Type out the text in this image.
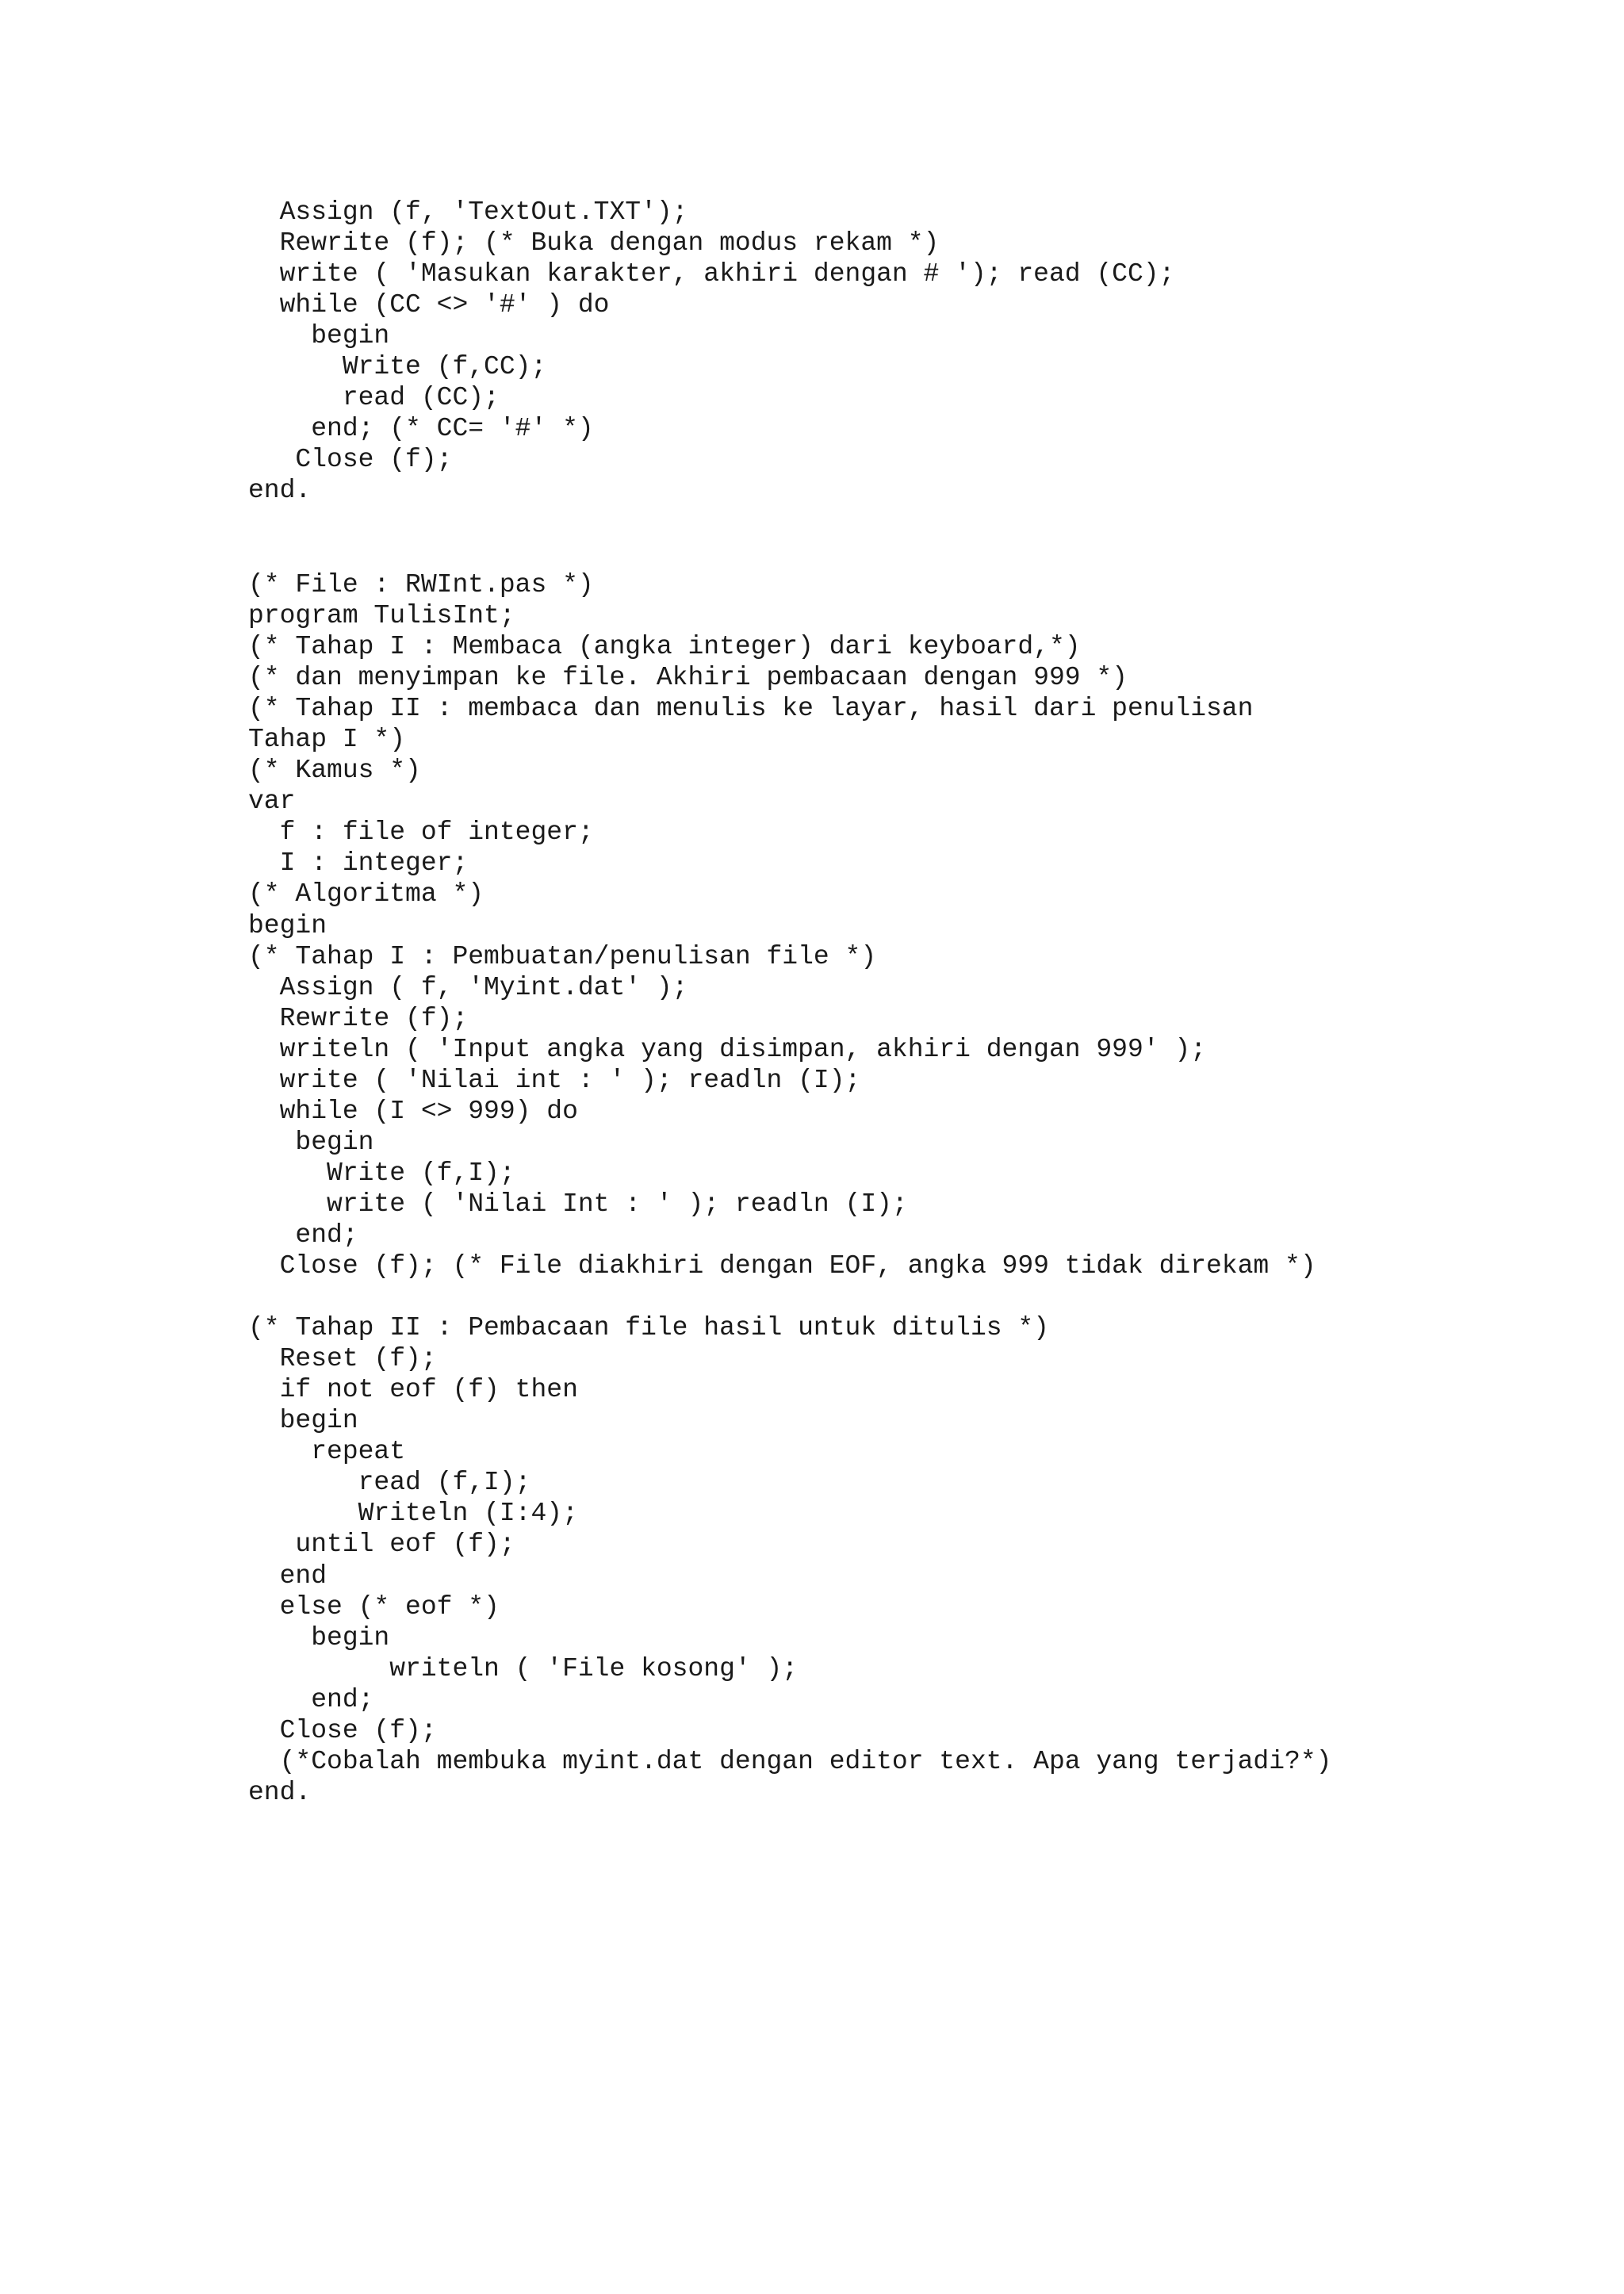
Assign (f, 'TextOut.TXT');
Rewrite (f); (* Buka dengan modus rekam *)
write ( 'Masukan karakter, akhiri dengan # '); read (CC);
while (CC <> '#' ) do
begin
Write (f,CC);
read (CC);
end; (* CC= '#' *)
Close (f);
end.
(* File : RWInt.pas *)
program TulisInt;
(* Tahap I : Membaca (angka integer) dari keyboard,*)
(* dan menyimpan ke file. Akhiri pembacaan dengan 999 *)
(* Tahap II : membaca dan menulis ke layar, hasil dari penulisan
Tahap I *)
(* Kamus *)
var
f : file of integer;
I : integer;
(* Algoritma *)
begin
(* Tahap I : Pembuatan/penulisan file *)
Assign ( f, 'Myint.dat' );
Rewrite (f);
writeln ( 'Input angka yang disimpan, akhiri dengan 999' );
write ( 'Nilai int : ' ); readln (I);
while (I <> 999) do
begin
Write (f,I);
write ( 'Nilai Int : ' ); readln (I);
end;
Close (f); (* File diakhiri dengan EOF, angka 999 tidak direkam *)
(* Tahap II : Pembacaan file hasil untuk ditulis *)
Reset (f);
if not eof (f) then
begin
repeat
read (f,I);
Writeln (I:4);
until eof (f);
end
else (* eof *)
begin
writeln ( 'File kosong' );
end;
Close (f);
(*Cobalah membuka myint.dat dengan editor text. Apa yang terjadi?*)
end.
